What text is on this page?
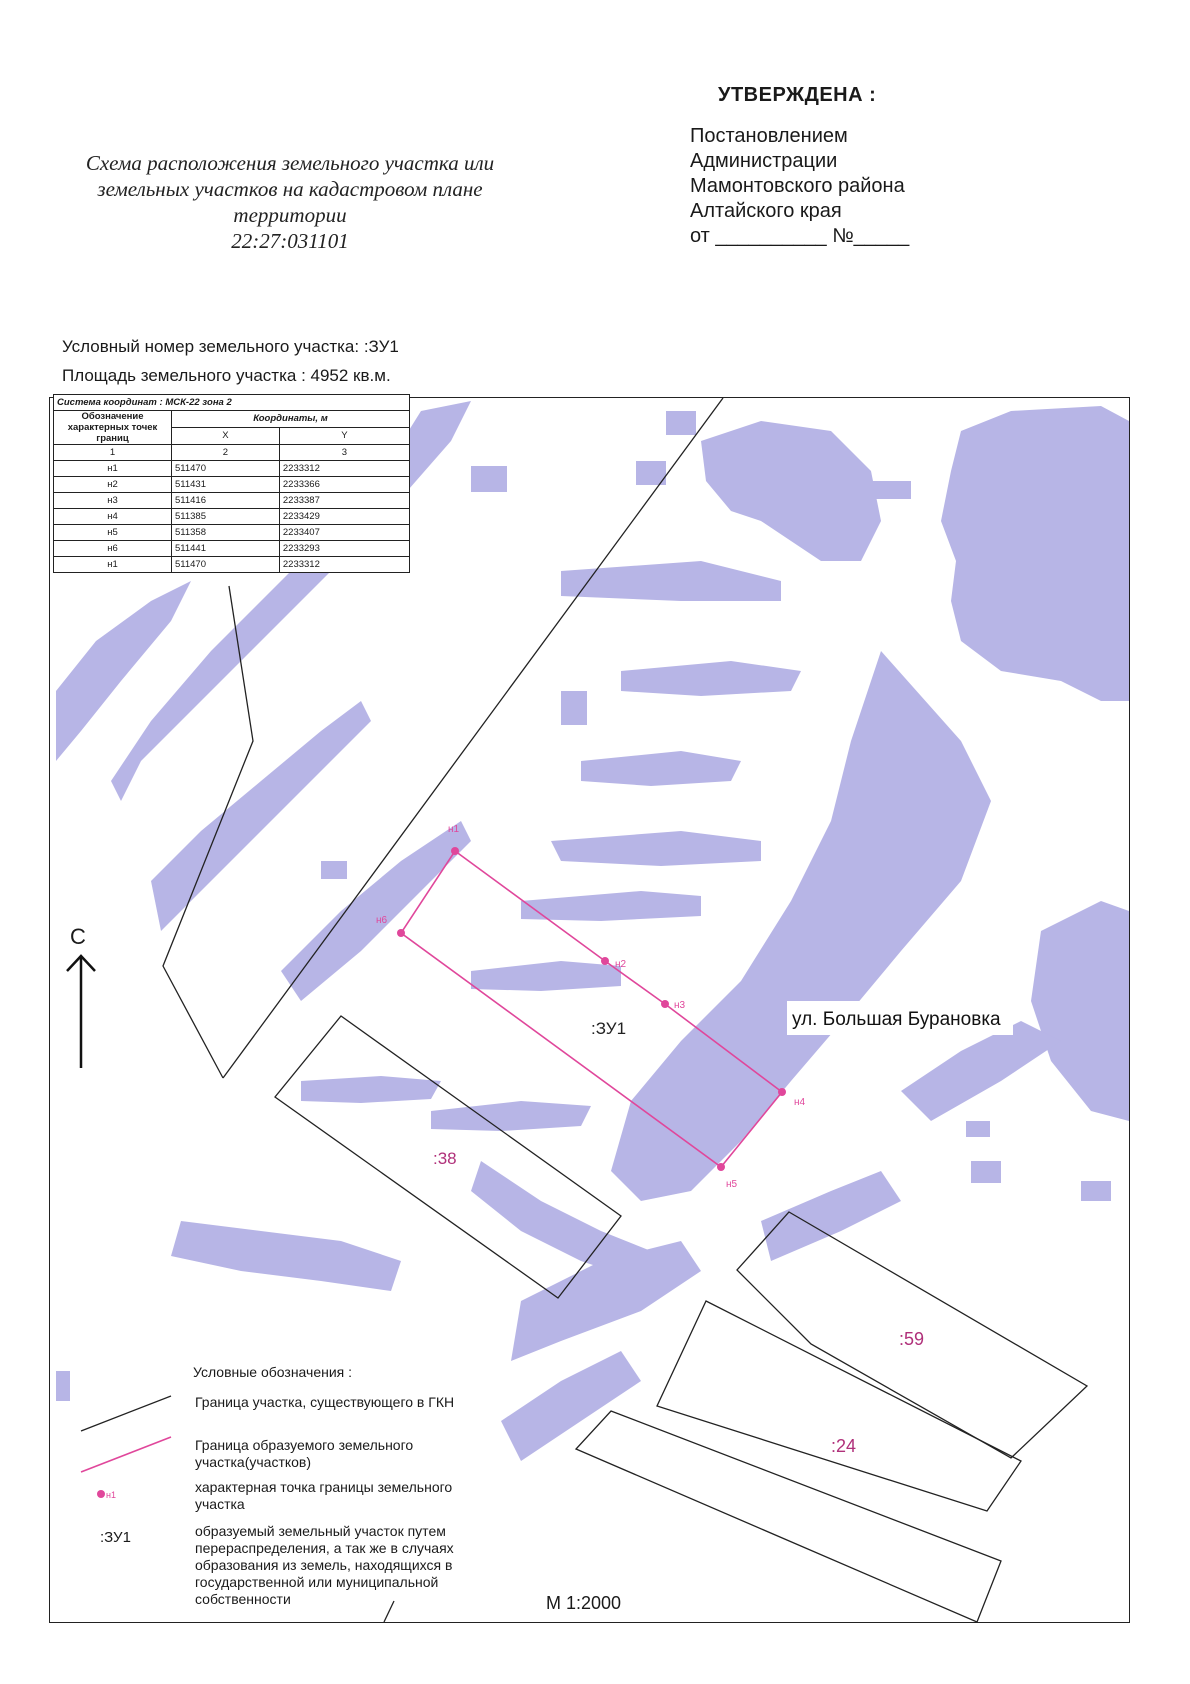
Схема расположения земельного участка или
земельных участков на кадастровом плане
территории
22:27:031101
УТВЕРЖДЕНА :
Постановлением
Администрации
Мамонтовского района
Алтайского края
от __________ №_____
Условный номер земельного участка: :ЗУ1
Площадь земельного участка : 4952 кв.м.
н1
н2
н3
н4
н5
н6
:ЗУ1
:38
:59
:24
ул. Большая Бурановка
Система координат : МСК-22 зона 2		
Обозначение характерных точек границ	Координаты, м	
	X	Y
1	2	3
н1	511470	2233312
н2	511431	2233366
н3	511416	2233387
н4	511385	2233429
н5	511358	2233407
н6	511441	2233293
н1	511470	2233312
С
Условные обозначения :
Граница участка, существующего в ГКН
Граница образуемого земельного участка(участков)
н1	характерная точка границы земельного участка
:ЗУ1	образуемый земельный участок путем перераспределения, а так же в случаях образования из земель, находящихся в государственной или муниципальной собственности	М 1:2000
